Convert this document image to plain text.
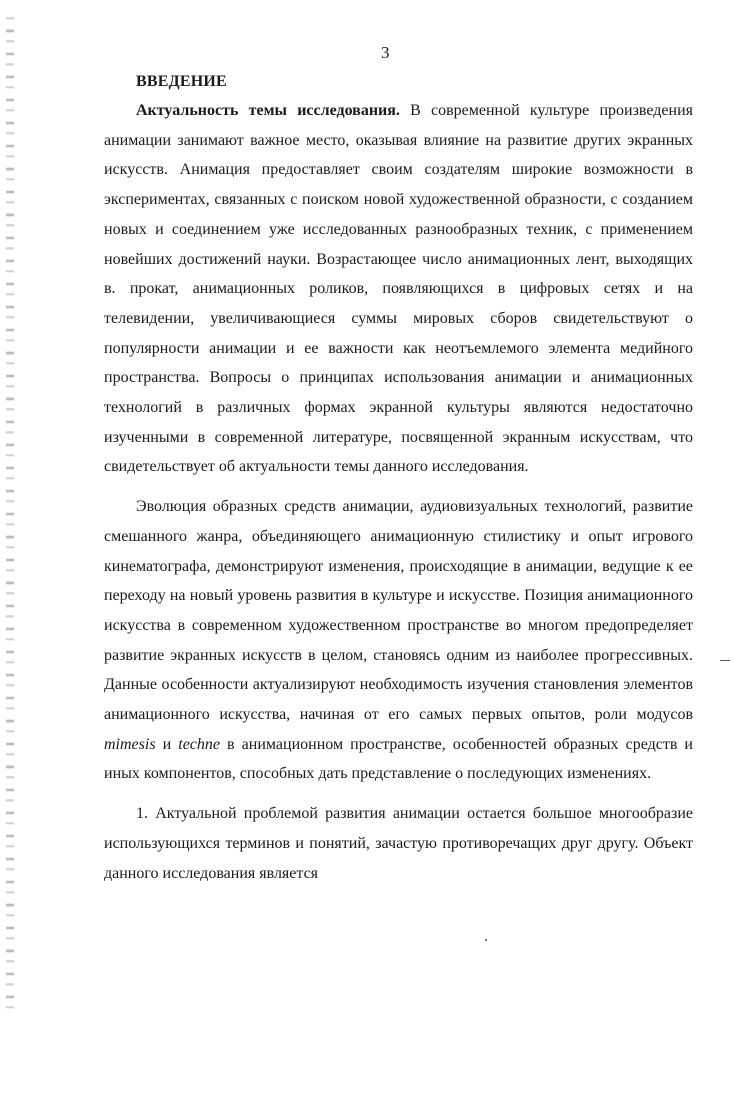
3
ВВЕДЕНИЕ

Актуальность темы исследования. В современной культуре произведения анимации занимают важное место, оказывая влияние на развитие других экранных искусств. Анимация предоставляет своим создателям широкие возможности в экспериментах, связанных с поиском новой художественной образности, с созданием новых и соединением уже исследованных разнообразных техник, с применением новейших достижений науки. Возрастающее число анимационных лент, выходящих в. прокат, анимационных роликов, появляющихся в цифровых сетях и на телевидении, увеличивающиеся суммы мировых сборов свидетельствуют о популярности анимации и ее важности как неотъемлемого элемента медийного пространства. Вопросы о принципах использования анимации и анимационных технологий в различных формах экранной культуры являются недостаточно изученными в современной литературе, посвященной экранным искусствам, что свидетельствует об актуальности темы данного исследования.

Эволюция образных средств анимации, аудиовизуальных технологий, развитие смешанного жанра, объединяющего анимационную стилистику и опыт игрового кинематографа, демонстрируют изменения, происходящие в анимации, ведущие к ее переходу на новый уровень развития в культуре и искусстве. Позиция анимационного искусства в современном художественном пространстве во многом предопределяет развитие экранных искусств в целом, становясь одним из наиболее прогрессивных. Данные особенности актуализируют необходимость изучения становления элементов анимационного искусства, начиная от его самых первых опытов, роли модусов mimesis и techne в анимационном пространстве, особенностей образных средств и иных компонентов, способных дать представление о последующих изменениях.

1. Актуальной проблемой развития анимации остается большое многообразие использующихся терминов и понятий, зачастую противоречащих друг другу. Объект данного исследования является
